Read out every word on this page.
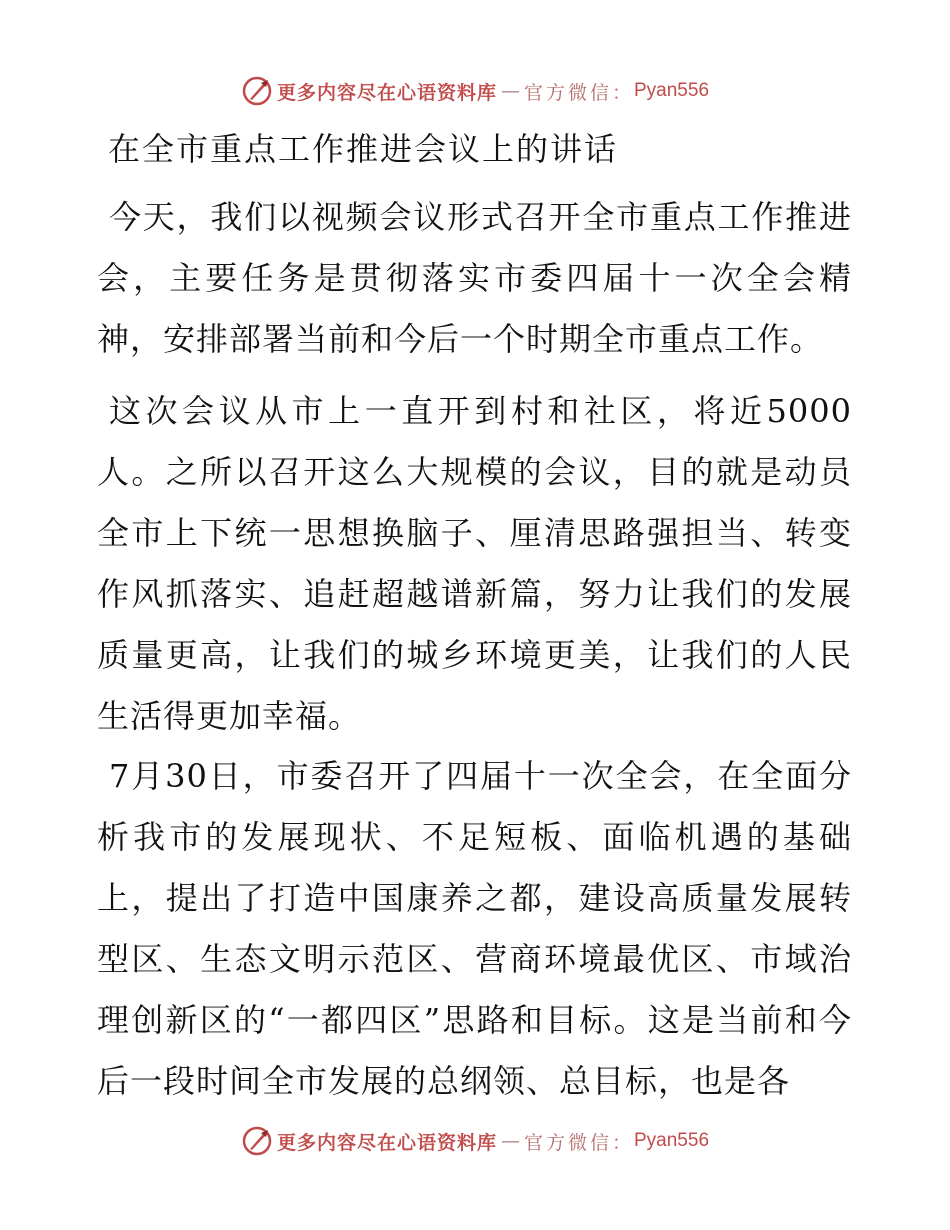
更多内容尽在心语资料库 — 官方微信： Pyan556
在全市重点工作推进会议上的讲话

今天，我们以视频会议形式召开全市重点工作推进会，主要任务是贯彻落实市委四届十一次全会精神，安排部署当前和今后一个时期全市重点工作。

这次会议从市上一直开到村和社区，将近5000人。之所以召开这么大规模的会议，目的就是动员全市上下统一思想换脑子、厘清思路强担当、转变作风抓落实、追赶超越谱新篇，努力让我们的发展质量更高，让我们的城乡环境更美，让我们的人民生活得更加幸福。

7月30日，市委召开了四届十一次全会，在全面分析我市的发展现状、不足短板、面临机遇的基础上，提出了打造中国康养之都，建设高质量发展转型区、生态文明示范区、营商环境最优区、市域治理创新区的“一都四区”思路和目标。这是当前和今后一段时间全市发展的总纲领、总目标，也是各

更多内容尽在心语资料库 — 官方微信： Pyan556
